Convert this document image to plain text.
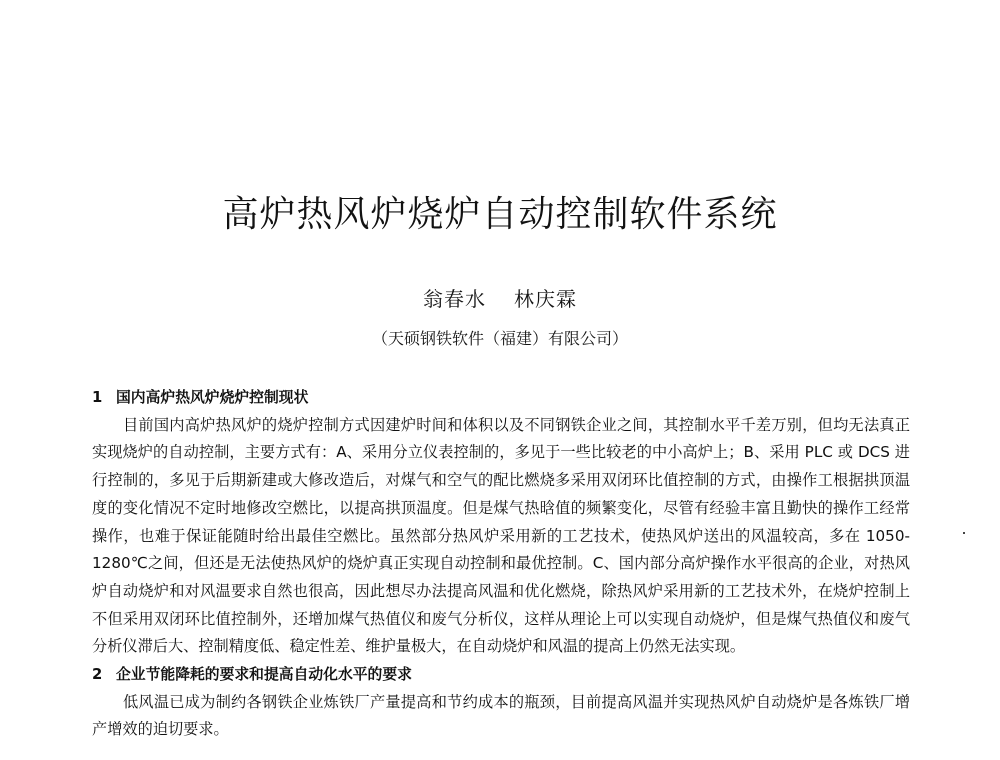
高炉热风炉烧炉自动控制软件系统
翁春水 林庆霖
（天硕钢铁软件（福建）有限公司）
1 国内高炉热风炉烧炉控制现状

目前国内高炉热风炉的烧炉控制方式因建炉时间和体积以及不同钢铁企业之间，其控制水平千差万别，但均无法真正实现烧炉的自动控制，主要方式有：A、采用分立仪表控制的，多见于一些比较老的中小高炉上；B、采用 PLC 或 DCS 进行控制的，多见于后期新建或大修改造后，对煤气和空气的配比燃烧多采用双闭环比值控制的方式，由操作工根据拱顶温度的变化情况不定时地修改空燃比，以提高拱顶温度。但是煤气热晗值的频繁变化，尽管有经验丰富且勤快的操作工经常操作，也难于保证能随时给出最佳空燃比。虽然部分热风炉采用新的工艺技术，使热风炉送出的风温较高，多在 1050-1280℃之间，但还是无法使热风炉的烧炉真正实现自动控制和最优控制。C、国内部分高炉操作水平很高的企业，对热风炉自动烧炉和对风温要求自然也很高，因此想尽办法提高风温和优化燃烧，除热风炉采用新的工艺技术外，在烧炉控制上不但采用双闭环比值控制外，还增加煤气热值仪和废气分析仪，这样从理论上可以实现自动烧炉，但是煤气热值仪和废气分析仪滞后大、控制精度低、稳定性差、维护量极大，在自动烧炉和风温的提高上仍然无法实现。

2 企业节能降耗的要求和提高自动化水平的要求

低风温已成为制约各钢铁企业炼铁厂产量提高和节约成本的瓶颈，目前提高风温并实现热风炉自动烧炉是各炼铁厂增产增效的迫切要求。
